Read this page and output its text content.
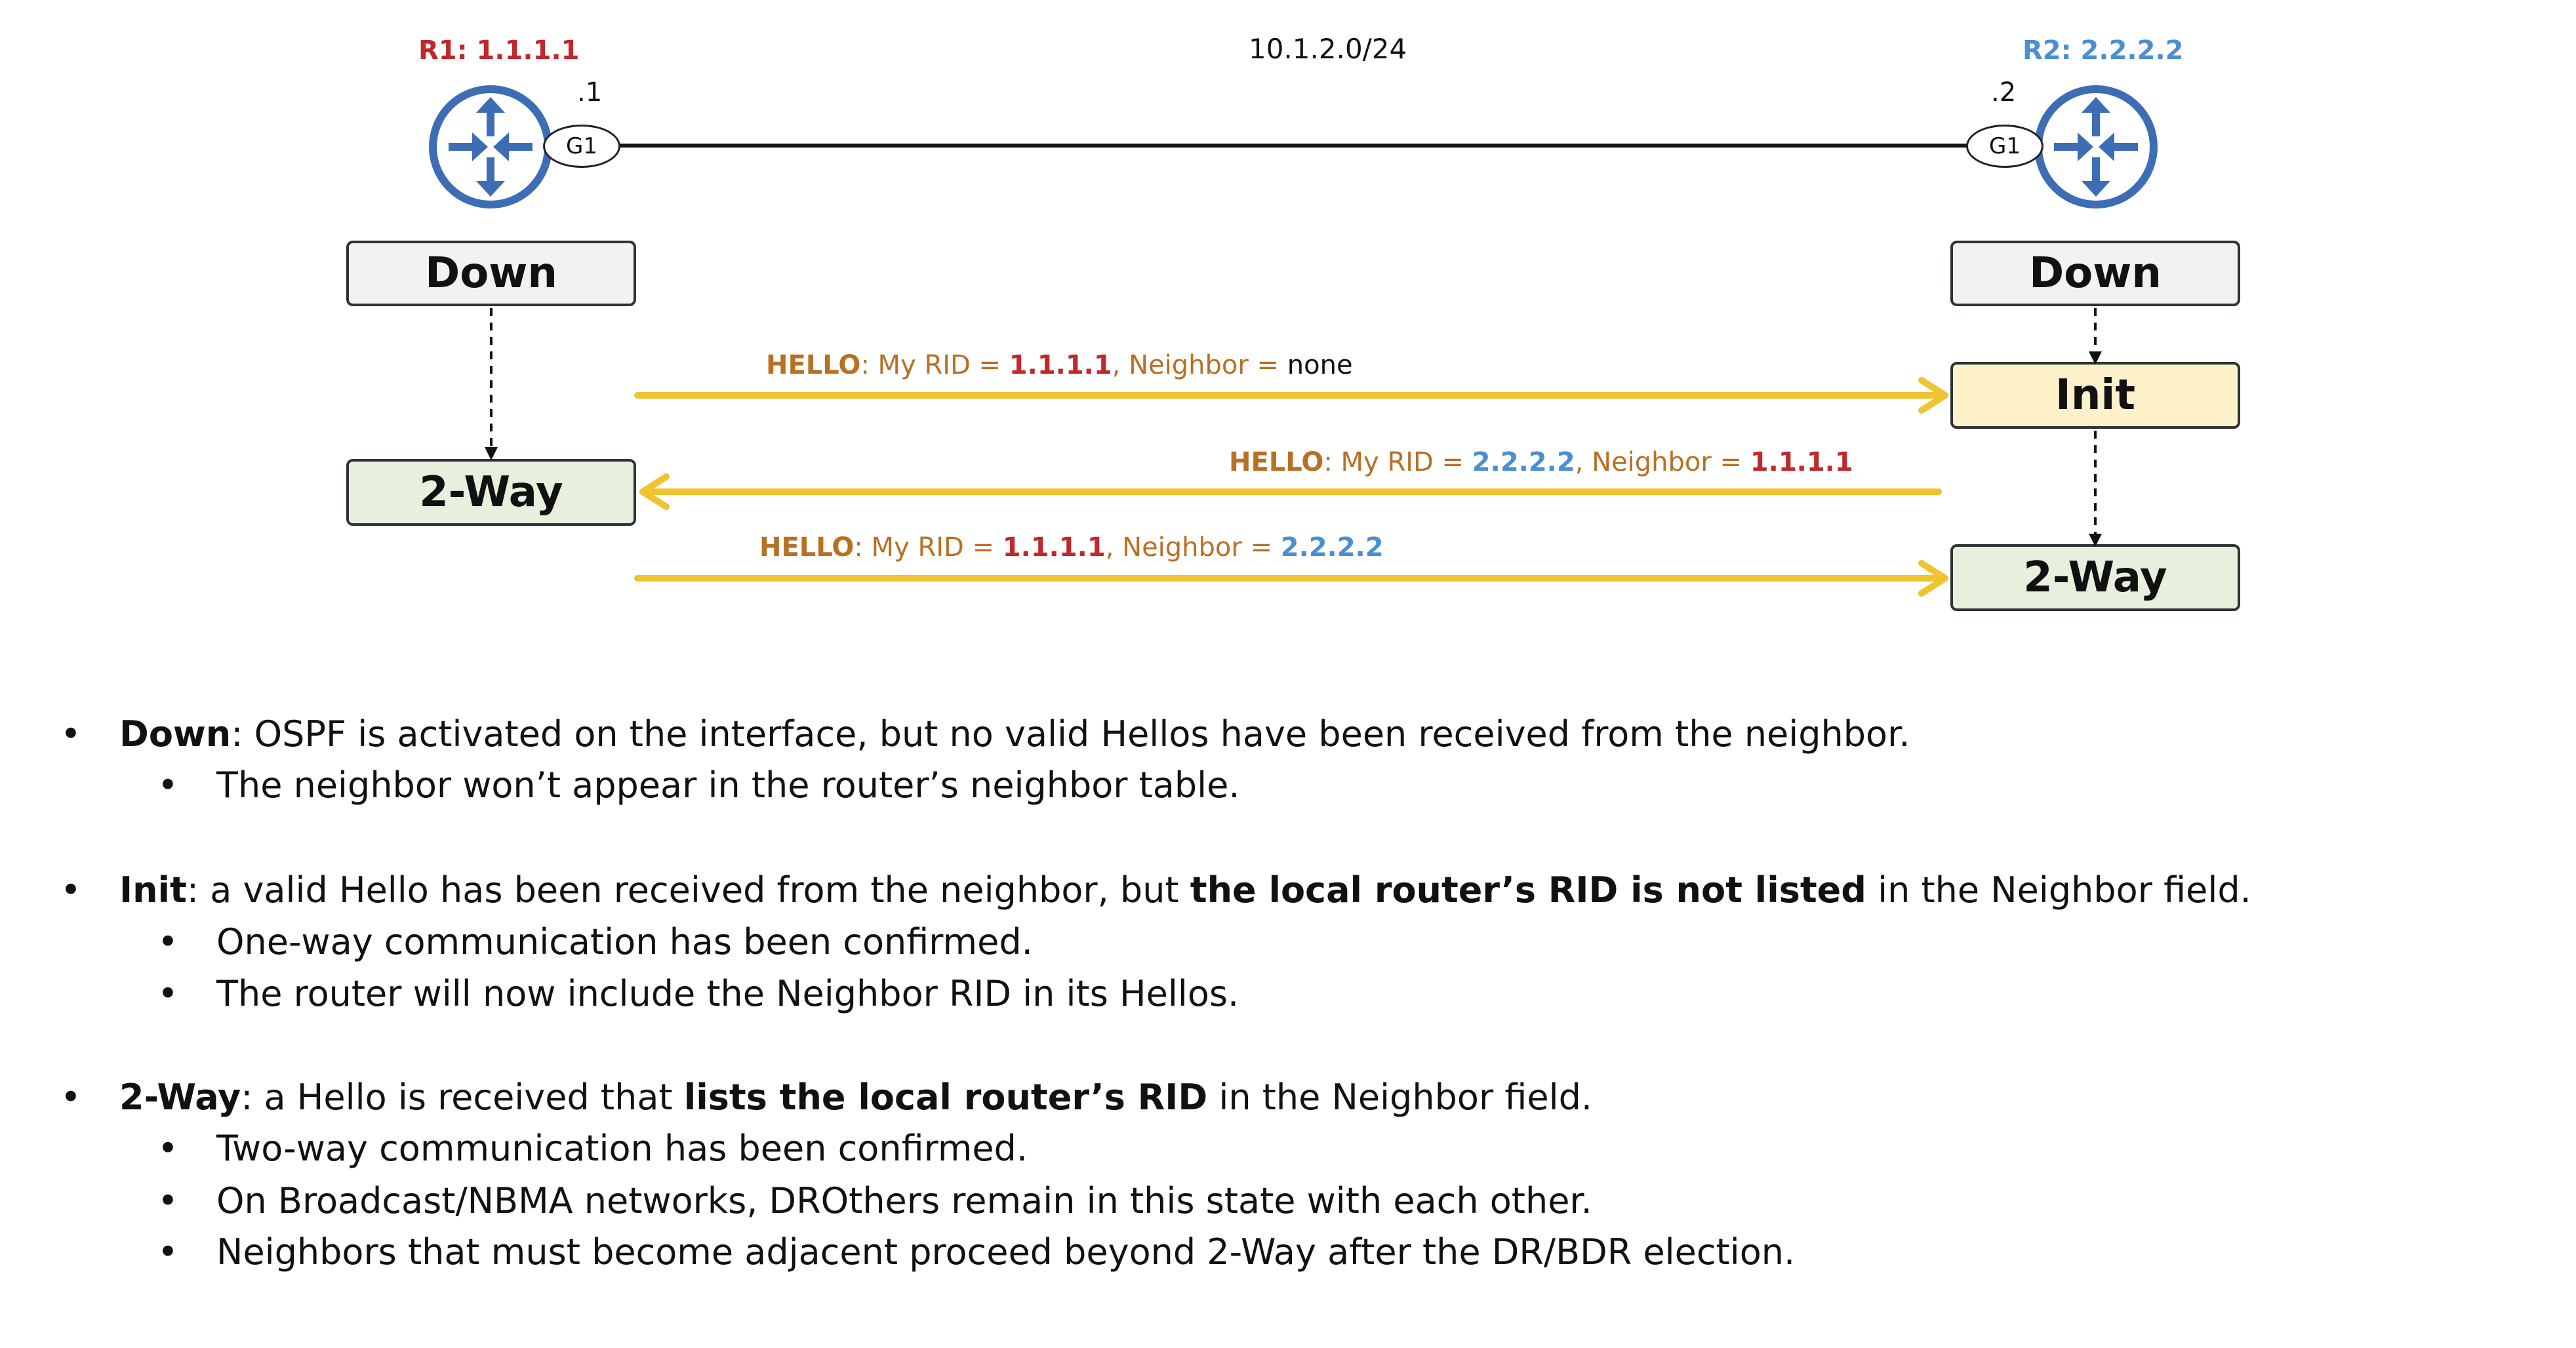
R1: 1.1.1.1	R2: 2.2.2.2
10.1.2.0/24
.1	.2
G1	G1
Down
2-Way
Down
Init
2-Way
HELLO: My RID = 1.1.1.1, Neighbor = none
HELLO: My RID = 2.2.2.2, Neighbor = 1.1.1.1
HELLO: My RID = 1.1.1.1, Neighbor = 2.2.2.2
• Down: OSPF is activated on the interface, but no valid Hellos have been received from the neighbor.
• The neighbor won’t appear in the router’s neighbor table.
• Init: a valid Hello has been received from the neighbor, but the local router’s RID is not listed in the Neighbor field.
• One-way communication has been confirmed.
• The router will now include the Neighbor RID in its Hellos.
• 2-Way: a Hello is received that lists the local router’s RID in the Neighbor field.
• Two-way communication has been confirmed.
• On Broadcast/NBMA networks, DROthers remain in this state with each other.
• Neighbors that must become adjacent proceed beyond 2-Way after the DR/BDR election.
